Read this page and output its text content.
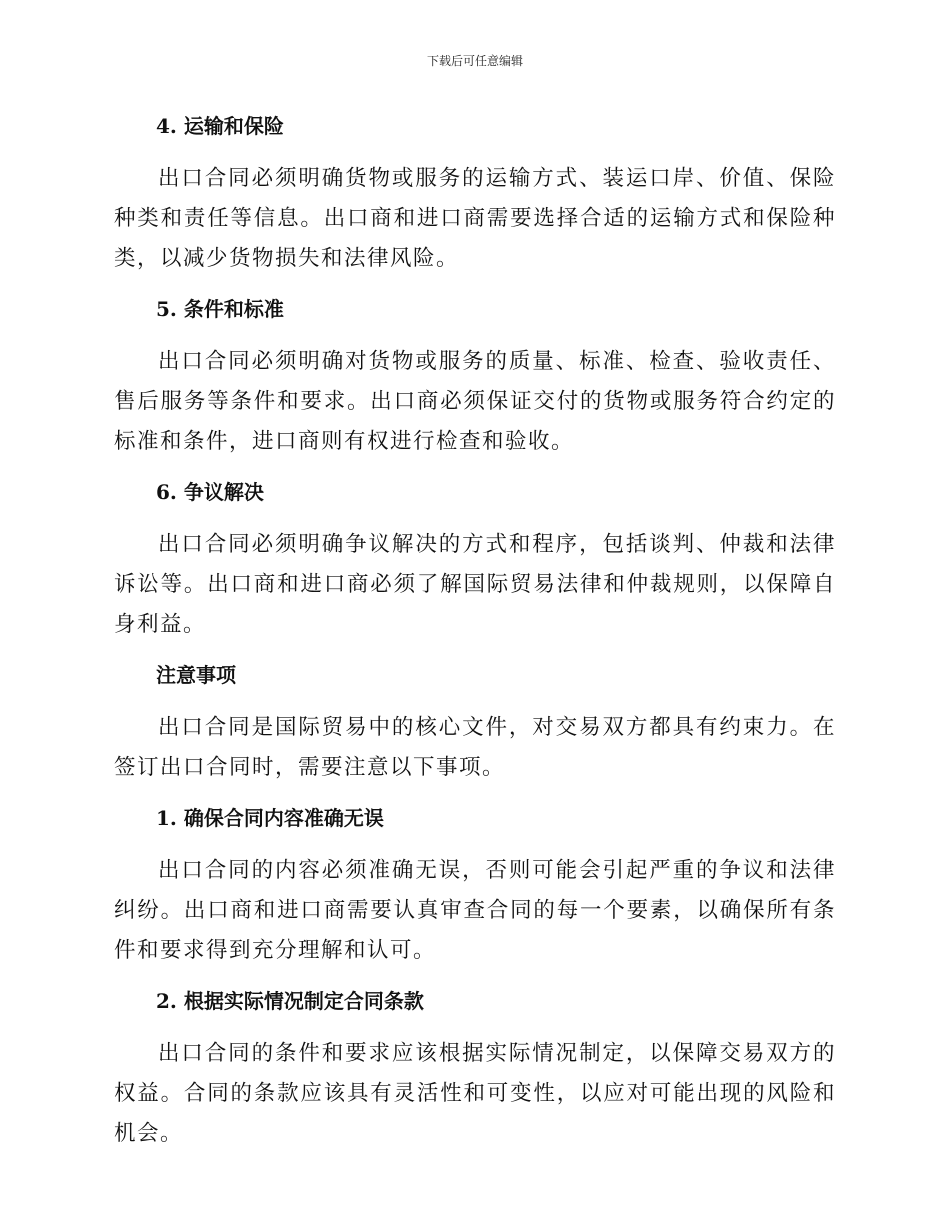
下载后可任意编辑
4. 运输和保险

出口合同必须明确货物或服务的运输方式、装运口岸、价值、保险种类和责任等信息。出口商和进口商需要选择合适的运输方式和保险种类，以减少货物损失和法律风险。

5. 条件和标准

出口合同必须明确对货物或服务的质量、标准、检查、验收责任、售后服务等条件和要求。出口商必须保证交付的货物或服务符合约定的标准和条件，进口商则有权进行检查和验收。

6. 争议解决

出口合同必须明确争议解决的方式和程序，包括谈判、仲裁和法律诉讼等。出口商和进口商必须了解国际贸易法律和仲裁规则，以保障自身利益。

注意事项

出口合同是国际贸易中的核心文件，对交易双方都具有约束力。在签订出口合同时，需要注意以下事项。

1. 确保合同内容准确无误

出口合同的内容必须准确无误，否则可能会引起严重的争议和法律纠纷。出口商和进口商需要认真审查合同的每一个要素，以确保所有条件和要求得到充分理解和认可。

2. 根据实际情况制定合同条款

出口合同的条件和要求应该根据实际情况制定，以保障交易双方的权益。合同的条款应该具有灵活性和可变性，以应对可能出现的风险和机会。
